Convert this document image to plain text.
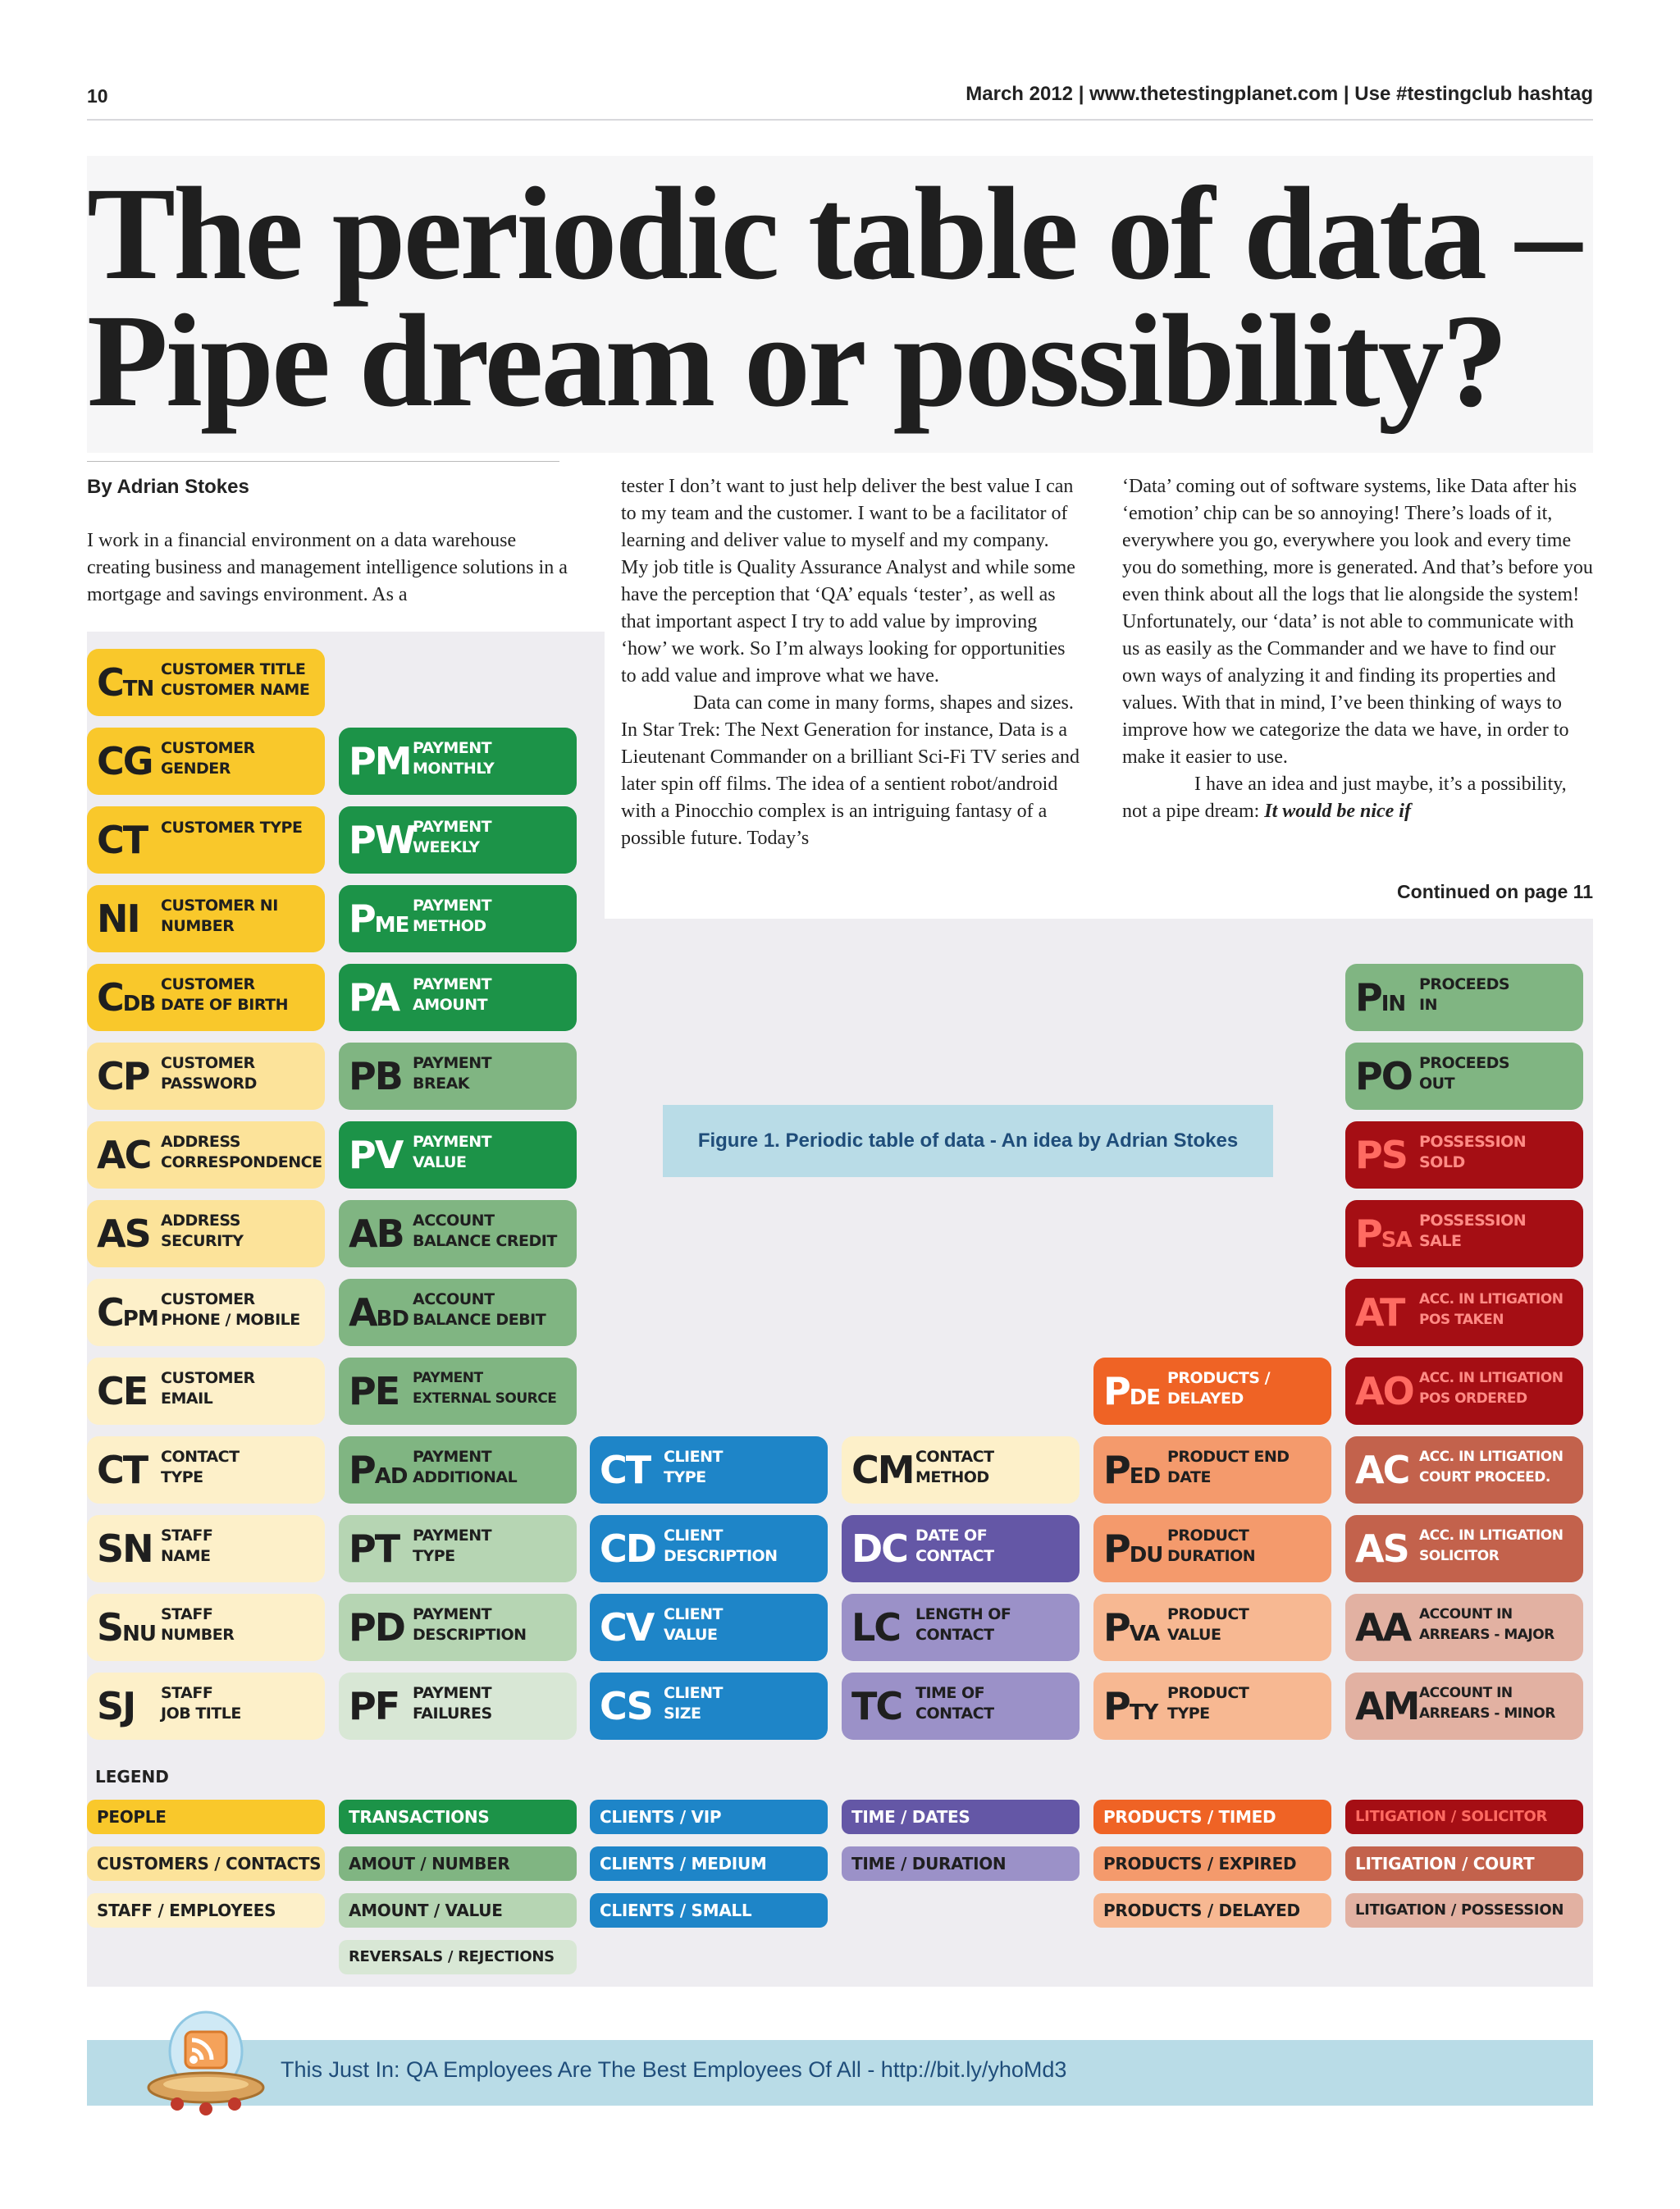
10	March 2012 | www.thetestingplanet.com | Use #testingclub hashtag
The periodic table of data –
Pipe dream or possibility?
By Adrian Stokes

I work in a financial environment on a data warehouse creating business and management intelligence solutions in a mortgage and savings environment. As a

tester I don’t want to just help deliver the best value I can to my team and the customer. I want to be a facilitator of learning and deliver value to myself and my company. My job title is Quality Assurance Analyst and while some have the perception that ‘QA’ equals ‘tester’, as well as that important aspect I try to add value by improving ‘how’ we work. So I’m always looking for opportunities to add value and improve what we have.

Data can come in many forms, shapes and sizes. In Star Trek: The Next Generation for instance, Data is a Lieutenant Commander on a brilliant Sci-Fi TV series and later spin off films. The idea of a sentient robot/android with a Pinocchio complex is an intriguing fantasy of a possible future. Today’s

‘Data’ coming out of software systems, like Data after his ‘emotion’ chip can be so annoying! There’s loads of it, everywhere you go, everywhere you look and every time you do something, more is generated. And that’s before you even think about all the logs that lie alongside the system! Unfortunately, our ‘data’ is not able to communicate with us as easily as the Commander and we have to find our own ways of analyzing it and finding its properties and values. With that in mind, I’ve been thinking of ways to improve how we categorize the data we have, in order to make it easier to use.

I have an idea and just maybe, it’s a possibility, not a pipe dream: It would be nice if

Continued on page 11
Figure 1. Periodic table of data - An idea by Adrian Stokes
CTN
CUSTOMER TITLE
CUSTOMER NAME
CG CUSTOMER
GENDER
CT CUSTOMER TYPE
NI CUSTOMER NI
NUMBER
CDB
CUSTOMER
DATE OF BIRTH
CP CUSTOMER
PASSWORD
AC ADDRESS
CORRESPONDENCE
AS ADDRESS
SECURITY
CPM
CUSTOMER
PHONE / MOBILE
CE CUSTOMER
EMAIL
CT CONTACT
TYPE
SN STAFF
NAME
SNU
STAFF
NUMBER
SJ STAFF
JOB TITLE
PM PAYMENT
MONTHLY
PW
PAYMENT
WEEKLY
PME
PAYMENT
METHOD
PA PAYMENT
AMOUNT
PB PAYMENT
BREAK
PV PAYMENT
VALUE
AB ACCOUNT
BALANCE CREDIT
ABD
ACCOUNT
BALANCE DEBIT
PE PAYMENT
EXTERNAL SOURCE
PAD
PAYMENT
ADDITIONAL
PT PAYMENT
TYPE
PD PAYMENT
DESCRIPTION
PF PAYMENT
FAILURES
CT CLIENT
TYPE
CD CLIENT
DESCRIPTION
CV CLIENT
VALUE
CS CLIENT
SIZE
CM CONTACT
METHOD
DC DATE OF
CONTACT
LC LENGTH OF
CONTACT
TC TIME OF
CONTACT
PDE
PRODUCTS /
DELAYED
PED
PRODUCT END
DATE
PDU
PRODUCT
DURATION
PVA
PRODUCT
VALUE
PTY
PRODUCT
TYPE
PIN
PROCEEDS
IN
PO PROCEEDS
OUT
PS POSSESSION
SOLD
PSA
POSSESSION
SALE
AT ACC. IN LITIGATION
POS TAKEN
AO ACC. IN LITIGATION
POS ORDERED
AC ACC. IN LITIGATION
COURT PROCEED.
AS ACC. IN LITIGATION
SOLICITOR
AA ACCOUNT IN
ARREARS - MAJOR
AM ACCOUNT IN
ARREARS - MINOR
LEGEND
PEOPLE
CUSTOMERS / CONTACTS
STAFF / EMPLOYEES
TRANSACTIONS
AMOUT / NUMBER
AMOUNT / VALUE
REVERSALS / REJECTIONS
CLIENTS / VIP
CLIENTS / MEDIUM
CLIENTS / SMALL
TIME / DATES
TIME / DURATION
PRODUCTS / TIMED
PRODUCTS / EXPIRED
PRODUCTS / DELAYED
LITIGATION / SOLICITOR
LITIGATION / COURT
LITIGATION / POSSESSION
This Just In: QA Employees Are The Best Employees Of All - http://bit.ly/yhoMd3
